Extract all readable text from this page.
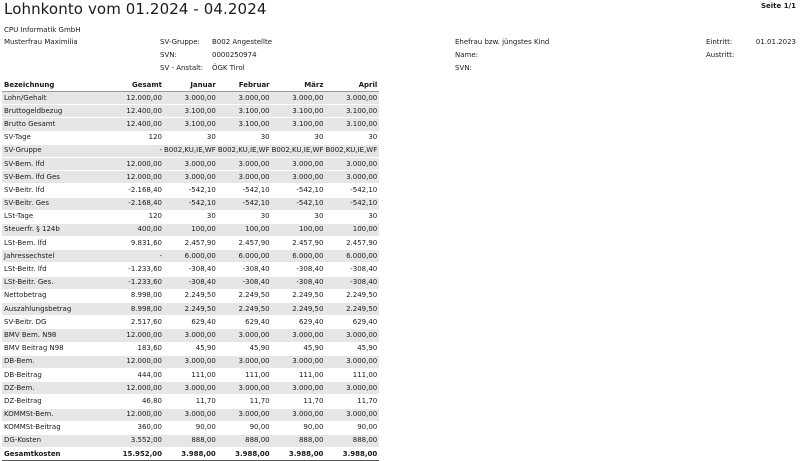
Lohnkonto vom 01.2024 - 04.2024	Seite 1/1
CPU Informatik GmbH
Musterfrau Maximilia	SV-Gruppe: B002 Angestellte
SVN:	0000250974
SV - Anstalt: ÖGK Tirol
Ehefrau bzw. jüngstes Kind
Name:
SVN:
Eintritt:	01.01.2023
Austritt:
Bezeichnung	Gesamt	Januar	Februar	März	April
Lohn/Gehalt	12.000,00	3.000,00	3.000,00	3.000,00	3.000,00
Bruttogeldbezug	12.400,00	3.100,00	3.100,00	3.100,00	3.100,00
Brutto Gesamt	12.400,00	3.100,00	3.100,00	3.100,00	3.100,00
SV-Tage	120	30	30	30	30
SV-Gruppe	-	B002,KU,IE,WF	B002,KU,IE,WF	B002,KU,IE,WF	B002,KU,IE,WF
SV-Bem. lfd	12.000,00	3.000,00	3.000,00	3.000,00	3.000,00
SV-Bem. lfd Ges	12.000,00	3.000,00	3.000,00	3.000,00	3.000,00
SV-Beitr. lfd	-2.168,40	-542,10	-542,10	-542,10	-542,10
SV-Beitr. Ges	-2.168,40	-542,10	-542,10	-542,10	-542,10
LSt-Tage	120	30	30	30	30
Steuerfr. § 124b	400,00	100,00	100,00	100,00	100,00
LSt-Bem. lfd	9.831,60	2.457,90	2.457,90	2.457,90	2.457,90
Jahressechstel	-	6.000,00	6.000,00	6.000,00	6.000,00
LSt-Beitr. lfd	-1.233,60	-308,40	-308,40	-308,40	-308,40
LSt-Beitr. Ges.	-1.233,60	-308,40	-308,40	-308,40	-308,40
Nettobetrag	8.998,00	2.249,50	2.249,50	2.249,50	2.249,50
Auszahlungsbetrag	8.998,00	2.249,50	2.249,50	2.249,50	2.249,50
SV-Beitr. DG	2.517,60	629,40	629,40	629,40	629,40
BMV Bem. N98	12.000,00	3.000,00	3.000,00	3.000,00	3.000,00
BMV Beitrag N98	183,60	45,90	45,90	45,90	45,90
DB-Bem.	12.000,00	3.000,00	3.000,00	3.000,00	3.000,00
DB-Beitrag	444,00	111,00	111,00	111,00	111,00
DZ-Bem.	12.000,00	3.000,00	3.000,00	3.000,00	3.000,00
DZ-Beitrag	46,80	11,70	11,70	11,70	11,70
KOMMSt-Bem.	12.000,00	3.000,00	3.000,00	3.000,00	3.000,00
KOMMSt-Beitrag	360,00	90,00	90,00	90,00	90,00
DG-Kosten	3.552,00	888,00	888,00	888,00	888,00
Gesamtkosten	15.952,00	3.988,00	3.988,00	3.988,00	3.988,00
